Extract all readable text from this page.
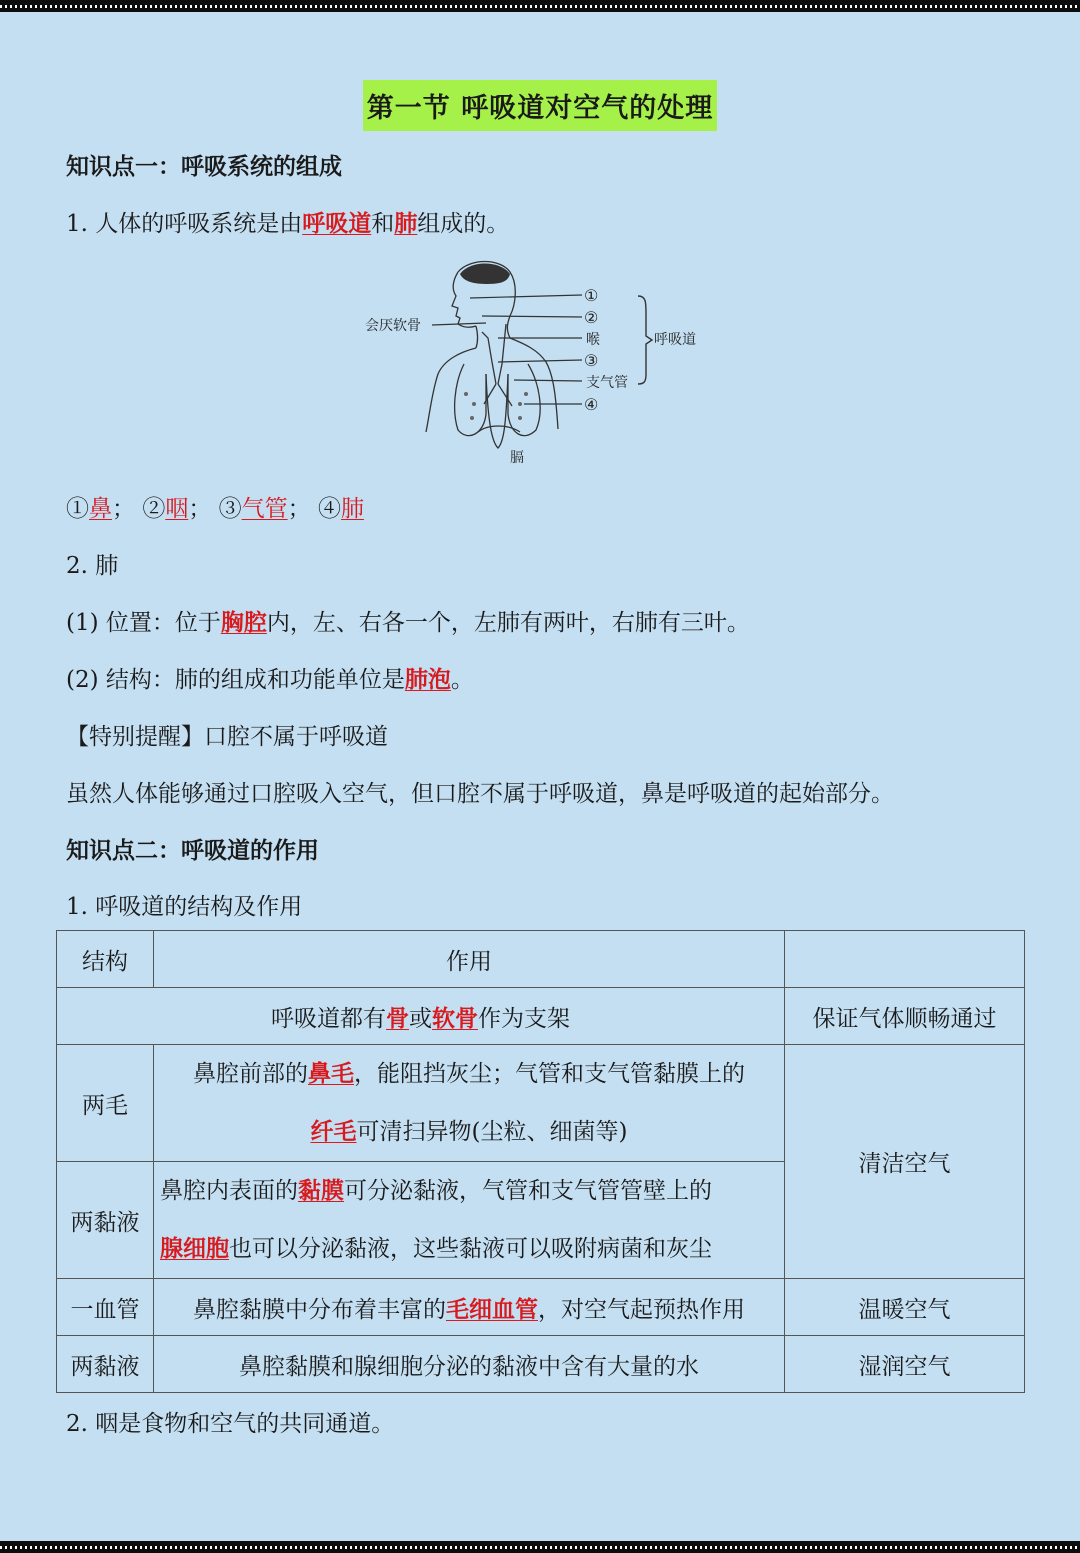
第一节 呼吸道对空气的处理
知识点一：呼吸系统的组成
1. 人体的呼吸系统是由呼吸道和肺组成的。
会厌软骨
①
②
喉
③
支气管
④
膈
呼吸道
①鼻； ②咽； ③气管； ④肺
2. 肺
(1) 位置：位于胸腔内，左、右各一个，左肺有两叶，右肺有三叶。
(2) 结构：肺的组成和功能单位是肺泡。
【特别提醒】口腔不属于呼吸道
虽然人体能够通过口腔吸入空气，但口腔不属于呼吸道，鼻是呼吸道的起始部分。
知识点二：呼吸道的作用
1. 呼吸道的结构及作用
结构	作用	
呼吸道都有骨或软骨作为支架		保证气体顺畅通过
两毛	鼻腔前部的鼻毛，能阻挡灰尘；气管和支气管黏膜上的
纤毛可清扫异物(尘粒、细菌等)	清洁空气
两黏液	鼻腔内表面的黏膜可分泌黏液，气管和支气管管壁上的
腺细胞也可以分泌黏液，这些黏液可以吸附病菌和灰尘	

一血管	鼻腔黏膜中分布着丰富的毛细血管，对空气起预热作用	温暖空气
两黏液	鼻腔黏膜和腺细胞分泌的黏液中含有大量的水	湿润空气
2. 咽是食物和空气的共同通道。
